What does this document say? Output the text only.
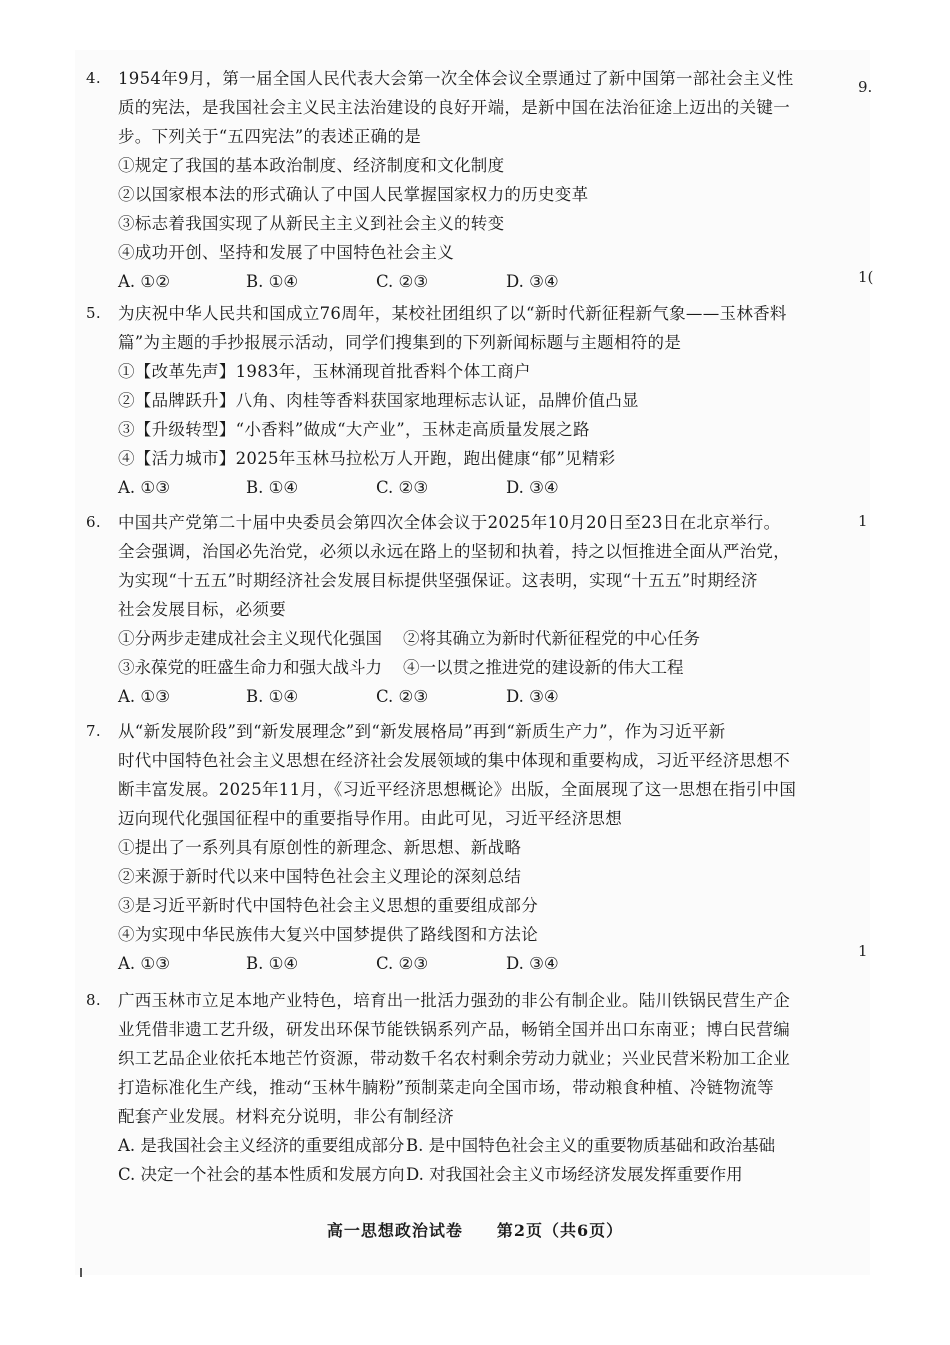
9.
1(
1
1
4.	1954年9月，第一届全国人民代表大会第一次全体会议全票通过了新中国第一部社会主义性
质的宪法，是我国社会主义民主法治建设的良好开端，是新中国在法治征途上迈出的关键一
步。下列关于“五四宪法”的表述正确的是
①规定了我国的基本政治制度、经济制度和文化制度
②以国家根本法的形式确认了中国人民掌握国家权力的历史变革
③标志着我国实现了从新民主主义到社会主义的转变
④成功开创、坚持和发展了中国特色社会主义
A. ①②	B. ①④	C. ②③	D. ③④
5.	为庆祝中华人民共和国成立76周年，某校社团组织了以“新时代新征程新气象——玉林香料
篇”为主题的手抄报展示活动，同学们搜集到的下列新闻标题与主题相符的是
①【改革先声】1983年，玉林涌现首批香料个体工商户
②【品牌跃升】八角、肉桂等香料获国家地理标志认证，品牌价值凸显
③【升级转型】“小香料”做成“大产业”，玉林走高质量发展之路
④【活力城市】2025年玉林马拉松万人开跑，跑出健康“郁”见精彩
A. ①③	B. ①④	C. ②③	D. ③④
6.	中国共产党第二十届中央委员会第四次全体会议于2025年10月20日至23日在北京举行。
全会强调，治国必先治党，必须以永远在路上的坚韧和执着，持之以恒推进全面从严治党，
为实现“十五五”时期经济社会发展目标提供坚强保证。这表明，实现“十五五”时期经济
社会发展目标，必须要
①分两步走建成社会主义现代化强国 ②将其确立为新时代新征程党的中心任务
③永葆党的旺盛生命力和强大战斗力 ④一以贯之推进党的建设新的伟大工程
A. ①③	B. ①④	C. ②③	D. ③④
7.	从“新发展阶段”到“新发展理念”到“新发展格局”再到“新质生产力”，作为习近平新
时代中国特色社会主义思想在经济社会发展领域的集中体现和重要构成，习近平经济思想不
断丰富发展。2025年11月，《习近平经济思想概论》出版，全面展现了这一思想在指引中国
迈向现代化强国征程中的重要指导作用。由此可见，习近平经济思想
①提出了一系列具有原创性的新理念、新思想、新战略
②来源于新时代以来中国特色社会主义理论的深刻总结
③是习近平新时代中国特色社会主义思想的重要组成部分
④为实现中华民族伟大复兴中国梦提供了路线图和方法论
A. ①③	B. ①④	C. ②③	D. ③④
8.	广西玉林市立足本地产业特色，培育出一批活力强劲的非公有制企业。陆川铁锅民营生产企
业凭借非遗工艺升级，研发出环保节能铁锅系列产品，畅销全国并出口东南亚；博白民营编
织工艺品企业依托本地芒竹资源，带动数千名农村剩余劳动力就业；兴业民营米粉加工企业
打造标准化生产线，推动“玉林牛腩粉”预制菜走向全国市场，带动粮食种植、冷链物流等
配套产业发展。材料充分说明，非公有制经济
A. 是我国社会主义经济的重要组成部分 B. 是中国特色社会主义的重要物质基础和政治基础
C. 决定一个社会的基本性质和发展方向 D. 对我国社会主义市场经济发展发挥重要作用
高一思想政治试卷　　第2页（共6页）
